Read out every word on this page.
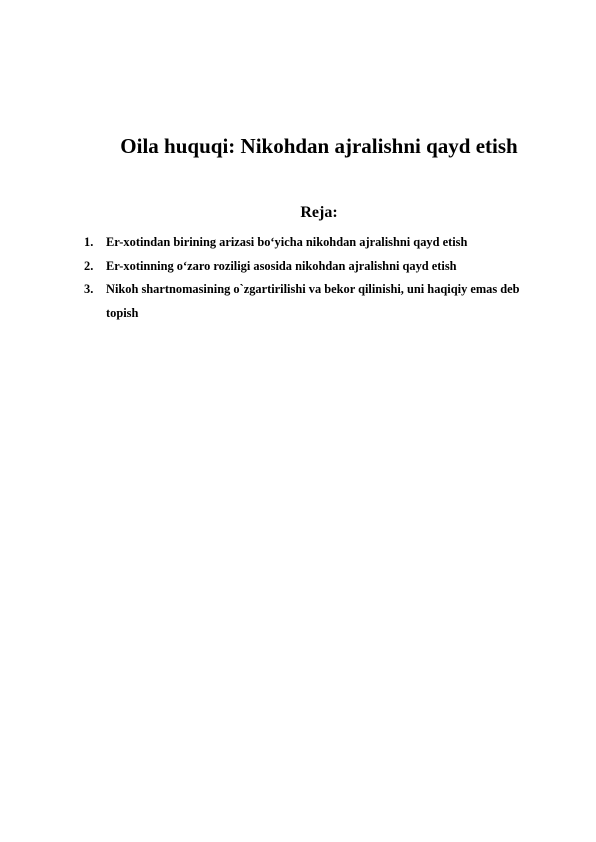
Oila huquqi: Nikohdan ajralishni qayd etish
Reja:
1. Er-xotindan birining arizasi bo‘yicha nikohdan ajralishni qayd etish
2. Er-xotinning o‘zaro roziligi asosida nikohdan ajralishni qayd etish
3. Nikoh shartnomasining o`zgartirilishi va bekor qilinishi, uni haqiqiy emas deb topish
